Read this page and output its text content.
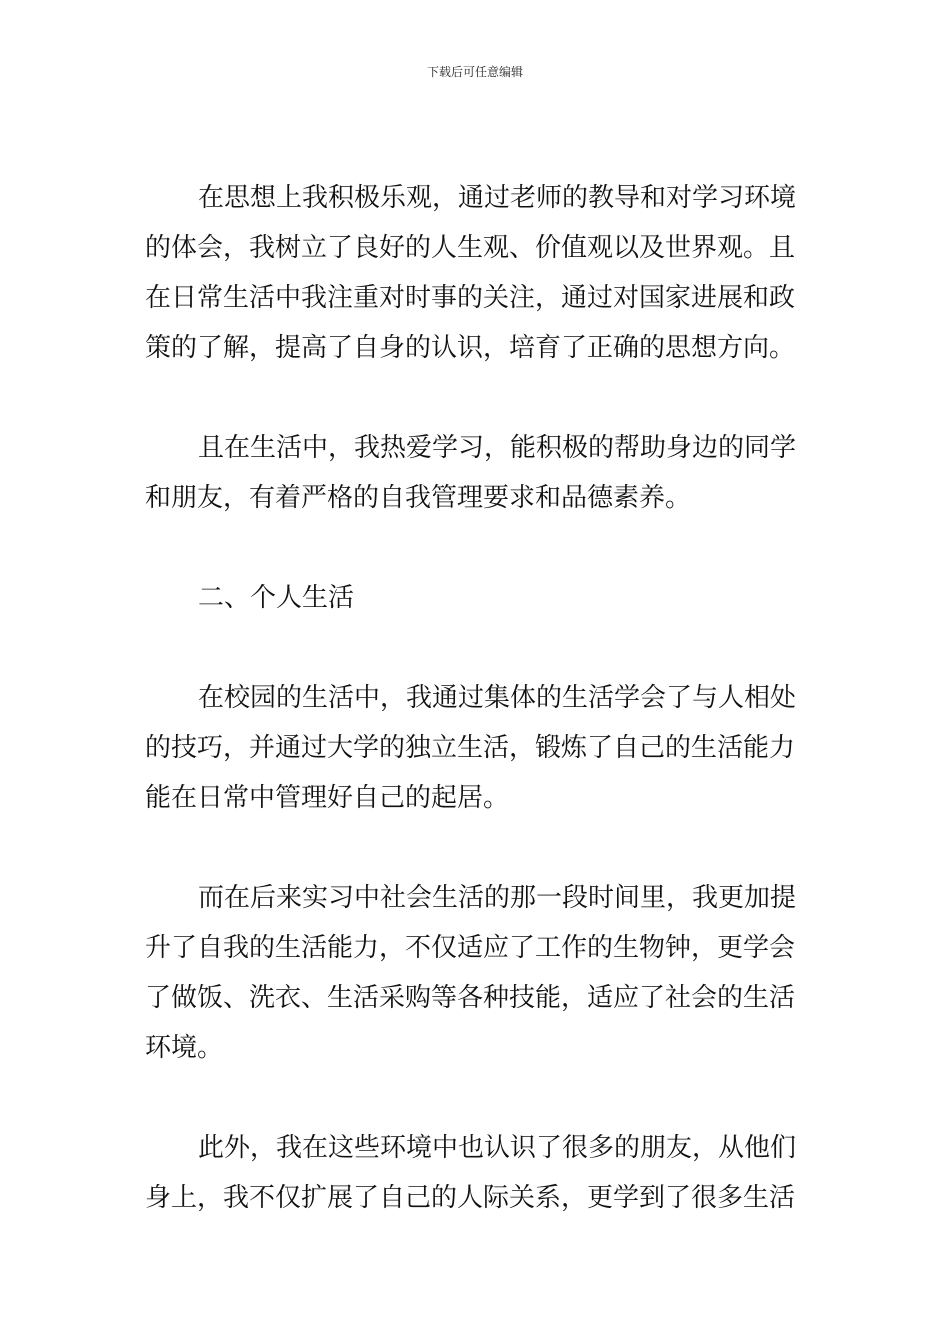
下载后可任意编辑

在思想上我积极乐观，通过老师的教导和对学习环境
的体会，我树立了良好的人生观、价值观以及世界观。且
在日常生活中我注重对时事的关注，通过对国家进展和政
策的了解，提高了自身的认识，培育了正确的思想方向。

且在生活中，我热爱学习，能积极的帮助身边的同学
和朋友，有着严格的自我管理要求和品德素养。

二、个人生活

在校园的生活中，我通过集体的生活学会了与人相处
的技巧，并通过大学的独立生活，锻炼了自己的生活能力
能在日常中管理好自己的起居。

而在后来实习中社会生活的那一段时间里，我更加提
升了自我的生活能力，不仅适应了工作的生物钟，更学会
了做饭、洗衣、生活采购等各种技能，适应了社会的生活
环境。

此外，我在这些环境中也认识了很多的朋友，从他们
身上，我不仅扩展了自己的人际关系，更学到了很多生活
